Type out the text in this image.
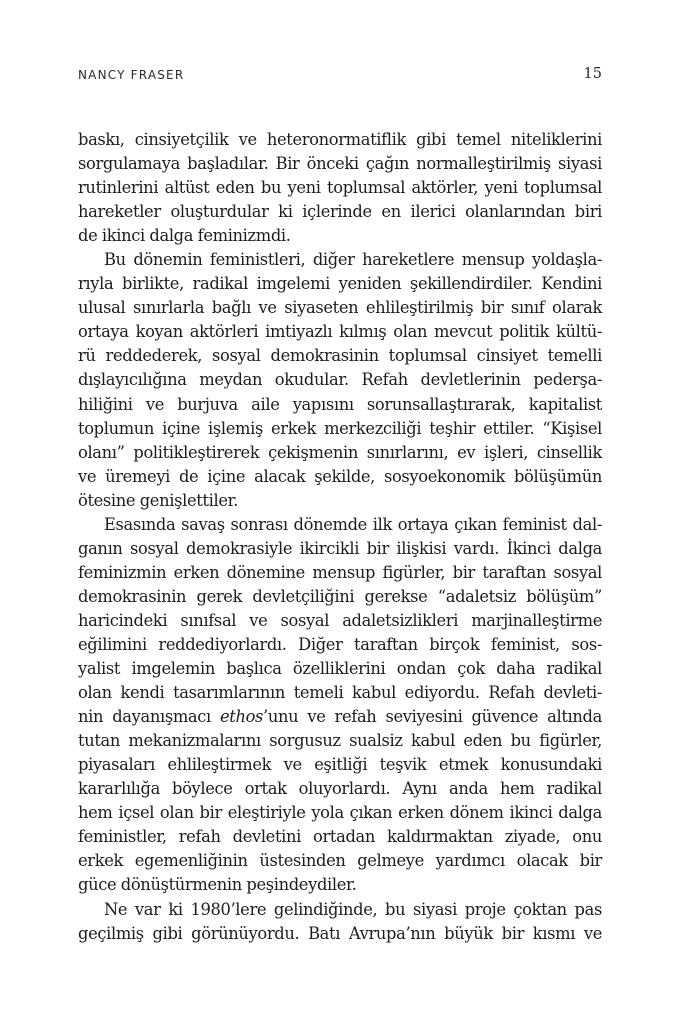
NANCY FRASER	15
baskı, cinsiyetçilik ve heteronormatiflik gibi temel niteliklerini
sorgulamaya başladılar. Bir önceki çağın normalleştirilmiş siyasi
rutinlerini altüst eden bu yeni toplumsal aktörler, yeni toplumsal
hareketler oluşturdular ki içlerinde en ilerici olanlarından biri
de ikinci dalga feminizmdi.
Bu dönemin feministleri, diğer hareketlere mensup yoldaşla-
rıyla birlikte, radikal imgelemi yeniden şekillendirdiler. Kendini
ulusal sınırlarla bağlı ve siyaseten ehlileştirilmiş bir sınıf olarak
ortaya koyan aktörleri imtiyazlı kılmış olan mevcut politik kültü-
rü reddederek, sosyal demokrasinin toplumsal cinsiyet temelli
dışlayıcılığına meydan okudular. Refah devletlerinin pederşa-
hiliğini ve burjuva aile yapısını sorunsallaştırarak, kapitalist
toplumun içine işlemiş erkek merkezciliği teşhir ettiler. “Kişisel
olanı” politikleştirerek çekişmenin sınırlarını, ev işleri, cinsellik
ve üremeyi de içine alacak şekilde, sosyoekonomik bölüşümün
ötesine genişlettiler.
Esasında savaş sonrası dönemde ilk ortaya çıkan feminist dal-
ganın sosyal demokrasiyle ikircikli bir ilişkisi vardı. İkinci dalga
feminizmin erken dönemine mensup figürler, bir taraftan sosyal
demokrasinin gerek devletçiliğini gerekse “adaletsiz bölüşüm”
haricindeki sınıfsal ve sosyal adaletsizlikleri marjinalleştirme
eğilimini reddediyorlardı. Diğer taraftan birçok feminist, sos-
yalist imgelemin başlıca özelliklerini ondan çok daha radikal
olan kendi tasarımlarının temeli kabul ediyordu. Refah devleti-
nin dayanışmacı ethos’unu ve refah seviyesini güvence altında
tutan mekanizmalarını sorgusuz sualsiz kabul eden bu figürler,
piyasaları ehlileştirmek ve eşitliği teşvik etmek konusundaki
kararlılığa böylece ortak oluyorlardı. Aynı anda hem radikal
hem içsel olan bir eleştiriyle yola çıkan erken dönem ikinci dalga
feministler, refah devletini ortadan kaldırmaktan ziyade, onu
erkek egemenliğinin üstesinden gelmeye yardımcı olacak bir
güce dönüştürmenin peşindeydiler.
Ne var ki 1980’lere gelindiğinde, bu siyasi proje çoktan pas
geçilmiş gibi görünüyordu. Batı Avrupa’nın büyük bir kısmı ve
